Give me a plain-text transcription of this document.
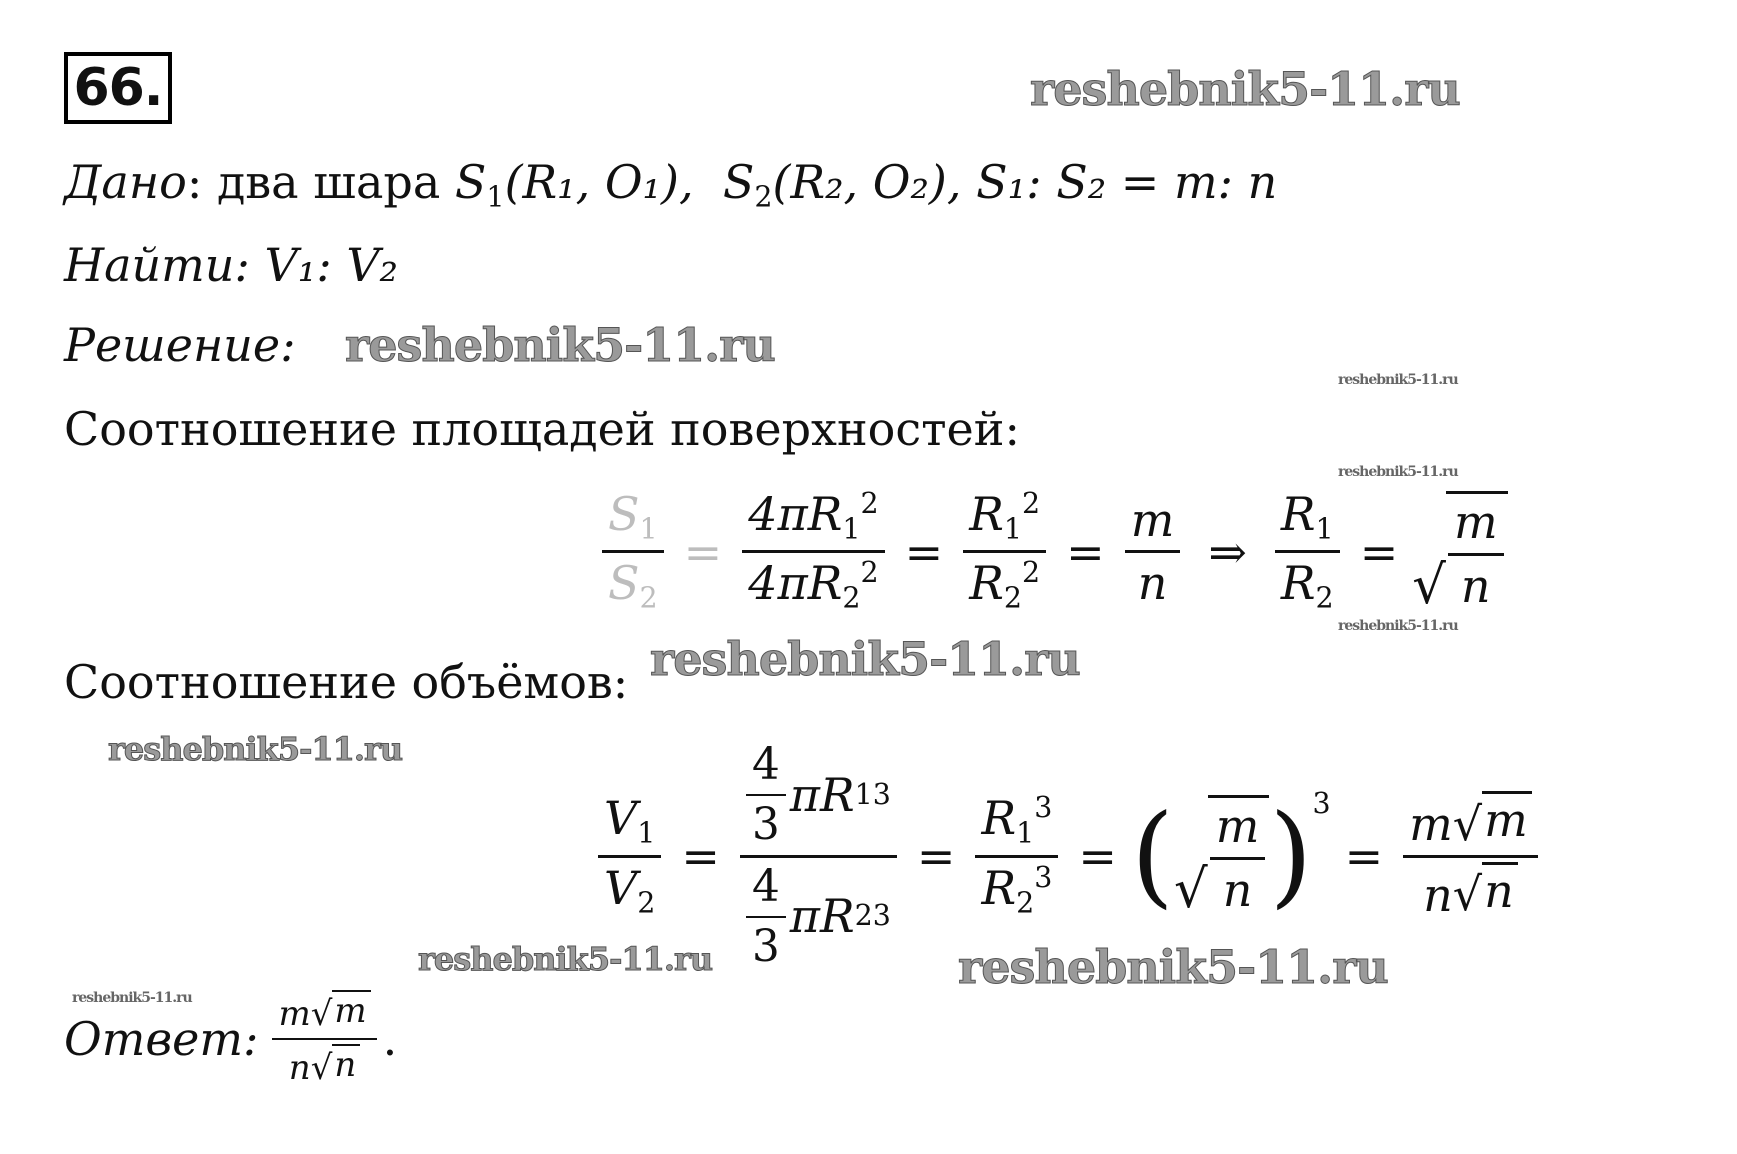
66.	reshebnik5-11.ru
reshebnik5-11.ru
reshebnik5-11.ru
reshebnik5-11.ru
reshebnik5-11.ru
reshebnik5-11.ru
reshebnik5-11.ru
reshebnik5-11.ru	reshebnik5-11.ru
reshebnik5-11.ru
Дано: два шара $S_1(R_1$, O₁), $S_2(R_2$, O₂), S₁: S₂ = m: n
Найти: V₁: V₂
Решение:
Соотношение площадей поверхностей:
$\frac{S_1}{S_2} = \frac{4\pi R_1^2}{4\pi R_2^2} = \frac{R_1^2}{R_2^2} = \frac{m}{n}$ ⇒ $\frac{R_1}{R_2}$ =
√ $\frac{m}{n}$
Соотношение объёмов:
$\frac{V_1}{V_2} = \frac{\frac{4}{3} \pi R 1 3}{\frac{4}{3} \pi R 2 3} = \frac{R_1^3}{R_2^3}$ = ( √ $\frac{m}{n} )^3$
= $\frac{m √ m}{n √ n}$
Ответ : $\frac{m √ m}{n √ n}$ .
